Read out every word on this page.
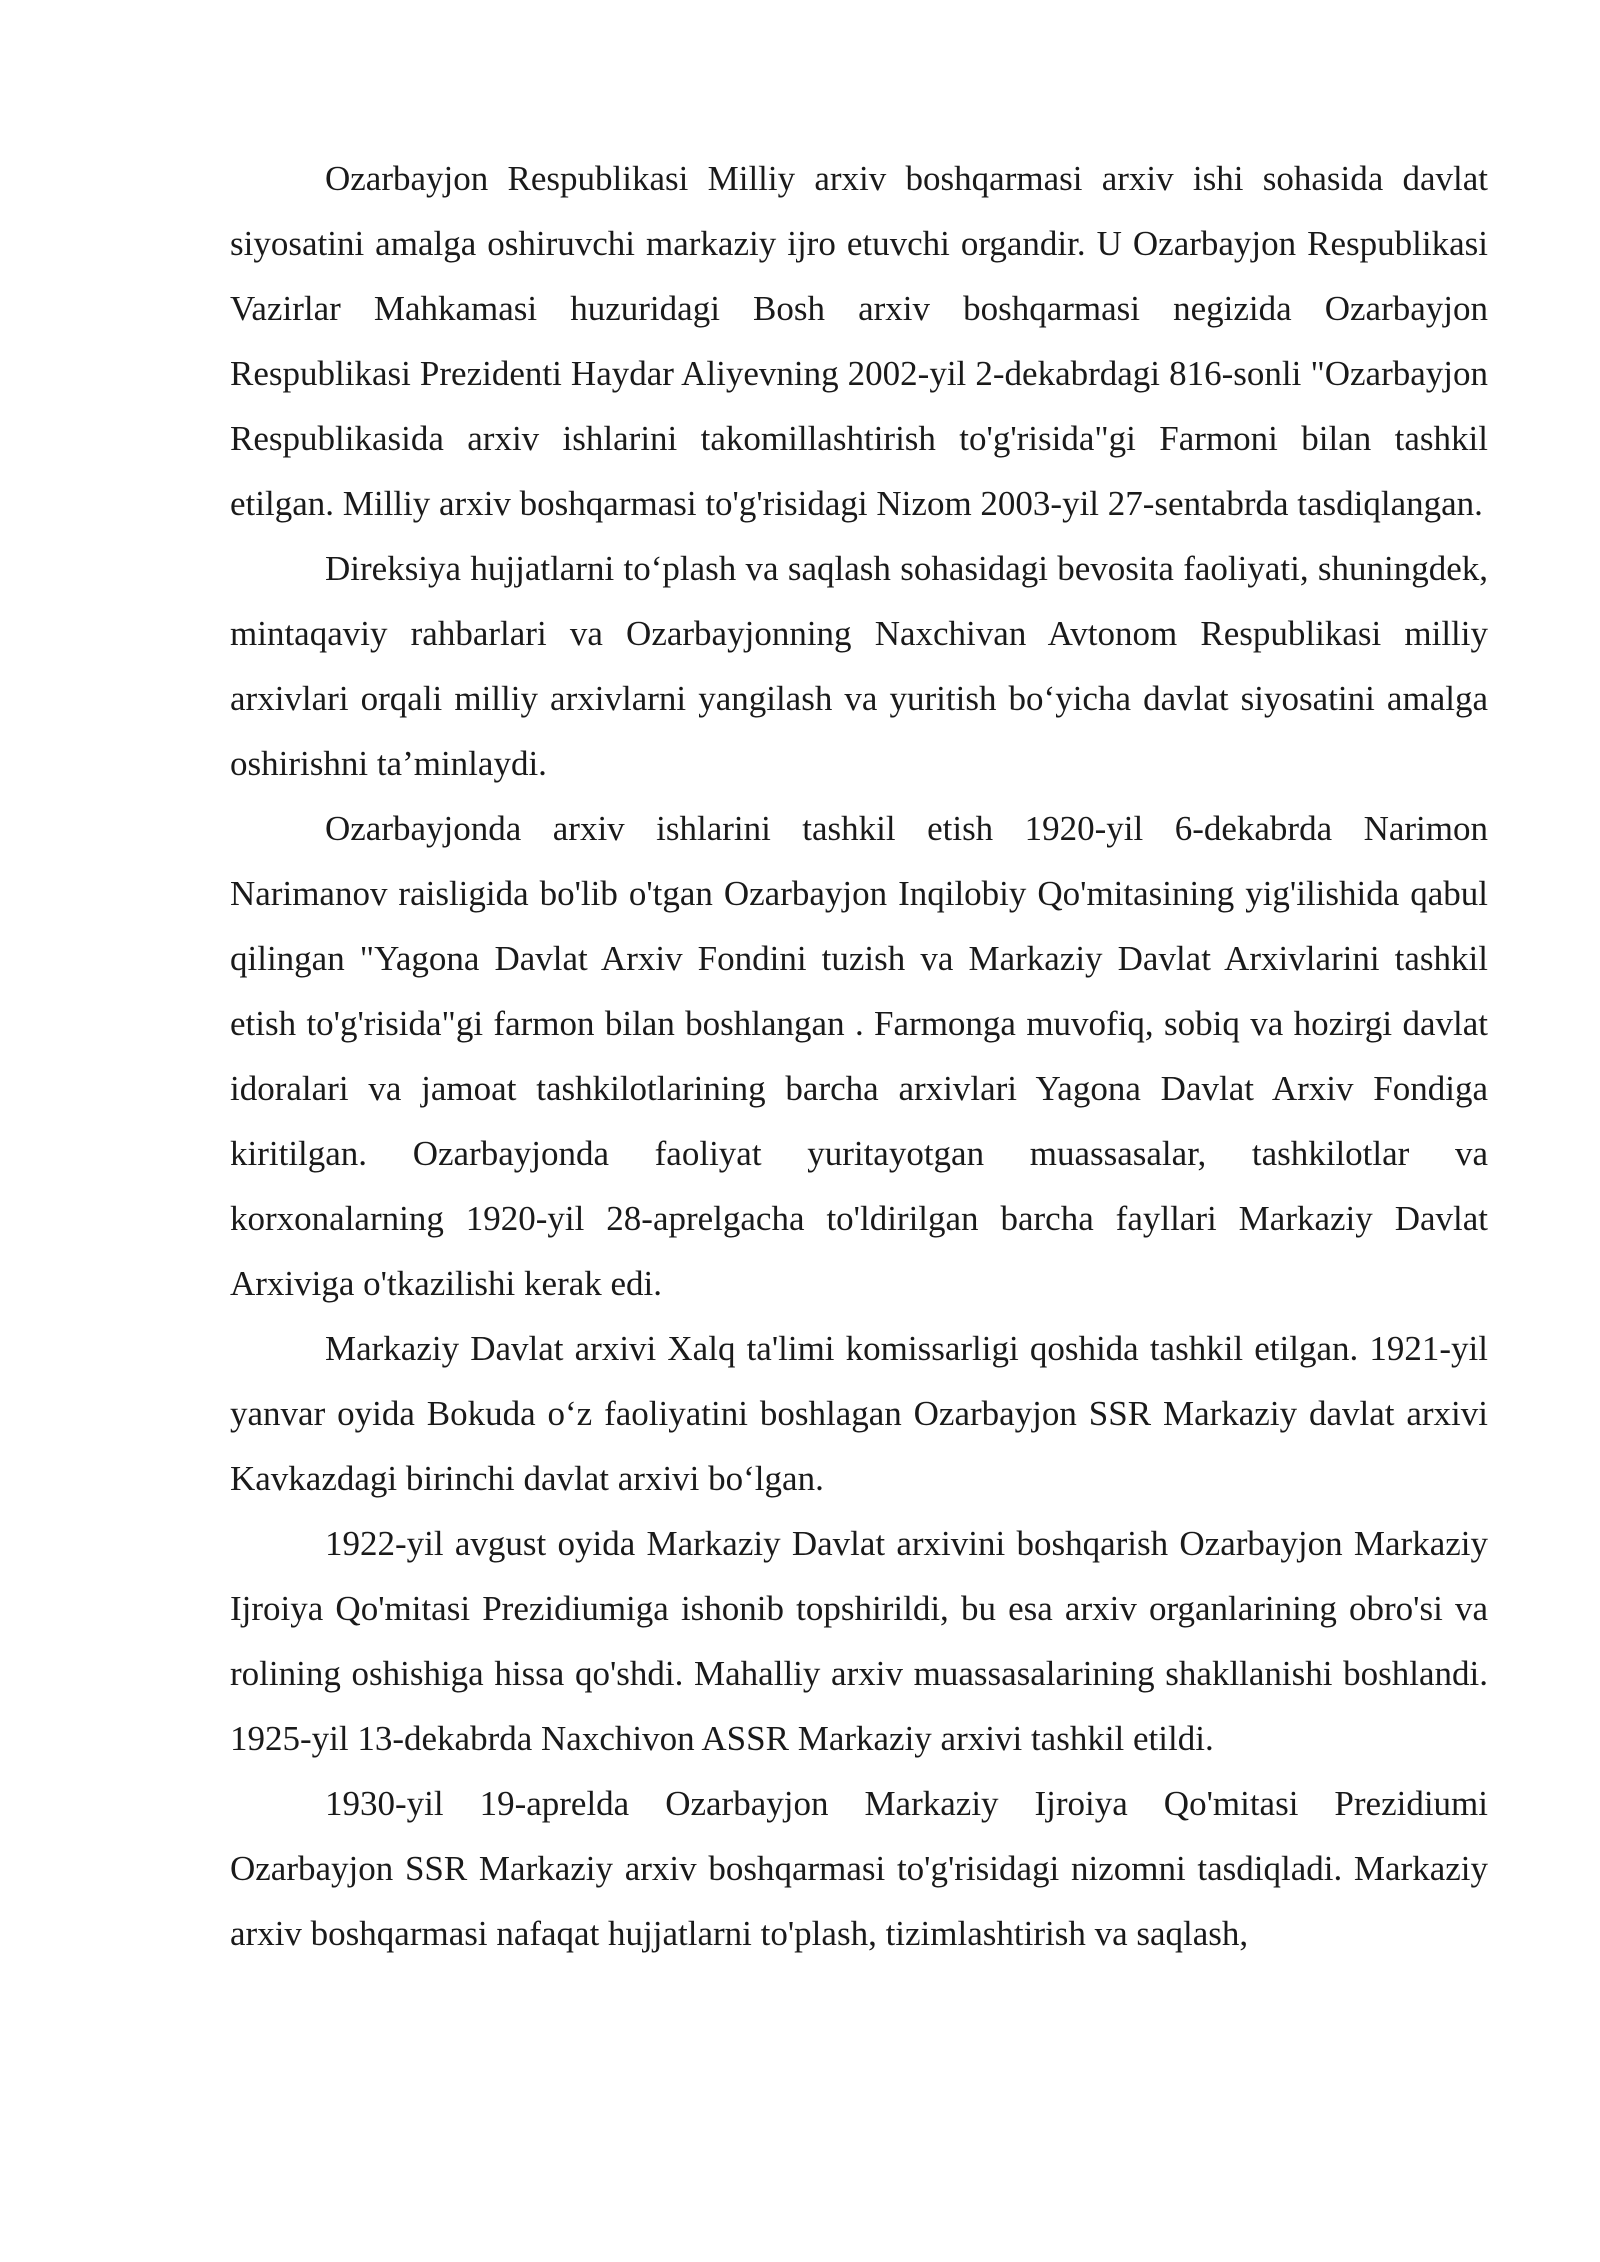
Ozarbayjon Respublikasi Milliy arxiv boshqarmasi arxiv ishi sohasida davlat siyosatini amalga oshiruvchi markaziy ijro etuvchi organdir. U Ozarbayjon Respublikasi Vazirlar Mahkamasi huzuridagi Bosh arxiv boshqarmasi negizida Ozarbayjon Respublikasi Prezidenti Haydar Aliyevning 2002-yil 2-dekabrdagi 816-sonli "Ozarbayjon Respublikasida arxiv ishlarini takomillashtirish to'g'risida"gi Farmoni bilan tashkil etilgan. Milliy arxiv boshqarmasi to'g'risidagi Nizom 2003-yil 27-sentabrda tasdiqlangan.

Direksiya hujjatlarni to‘plash va saqlash sohasidagi bevosita faoliyati, shuningdek, mintaqaviy rahbarlari va Ozarbayjonning Naxchivan Avtonom Respublikasi milliy arxivlari orqali milliy arxivlarni yangilash va yuritish bo‘yicha davlat siyosatini amalga oshirishni ta’minlaydi.

Ozarbayjonda arxiv ishlarini tashkil etish 1920-yil 6-dekabrda Narimon Narimanov raisligida bo'lib o'tgan Ozarbayjon Inqilobiy Qo'mitasining yig'ilishida qabul qilingan "Yagona Davlat Arxiv Fondini tuzish va Markaziy Davlat Arxivlarini tashkil etish to'g'risida"gi farmon bilan boshlangan . Farmonga muvofiq, sobiq va hozirgi davlat idoralari va jamoat tashkilotlarining barcha arxivlari Yagona Davlat Arxiv Fondiga kiritilgan. Ozarbayjonda faoliyat yuritayotgan muassasalar, tashkilotlar va korxonalarning 1920-yil 28-aprelgacha to'ldirilgan barcha fayllari Markaziy Davlat Arxiviga o'tkazilishi kerak edi.

Markaziy Davlat arxivi Xalq ta'limi komissarligi qoshida tashkil etilgan. 1921-yil yanvar oyida Bokuda o‘z faoliyatini boshlagan Ozarbayjon SSR Markaziy davlat arxivi Kavkazdagi birinchi davlat arxivi bo‘lgan.

1922-yil avgust oyida Markaziy Davlat arxivini boshqarish Ozarbayjon Markaziy Ijroiya Qo'mitasi Prezidiumiga ishonib topshirildi, bu esa arxiv organlarining obro'si va rolining oshishiga hissa qo'shdi. Mahalliy arxiv muassasalarining shakllanishi boshlandi. 1925-yil 13-dekabrda Naxchivon ASSR Markaziy arxivi tashkil etildi.

1930-yil 19-aprelda Ozarbayjon Markaziy Ijroiya Qo'mitasi Prezidiumi Ozarbayjon SSR Markaziy arxiv boshqarmasi to'g'risidagi nizomni tasdiqladi. Markaziy arxiv boshqarmasi nafaqat hujjatlarni to'plash, tizimlashtirish va saqlash,
